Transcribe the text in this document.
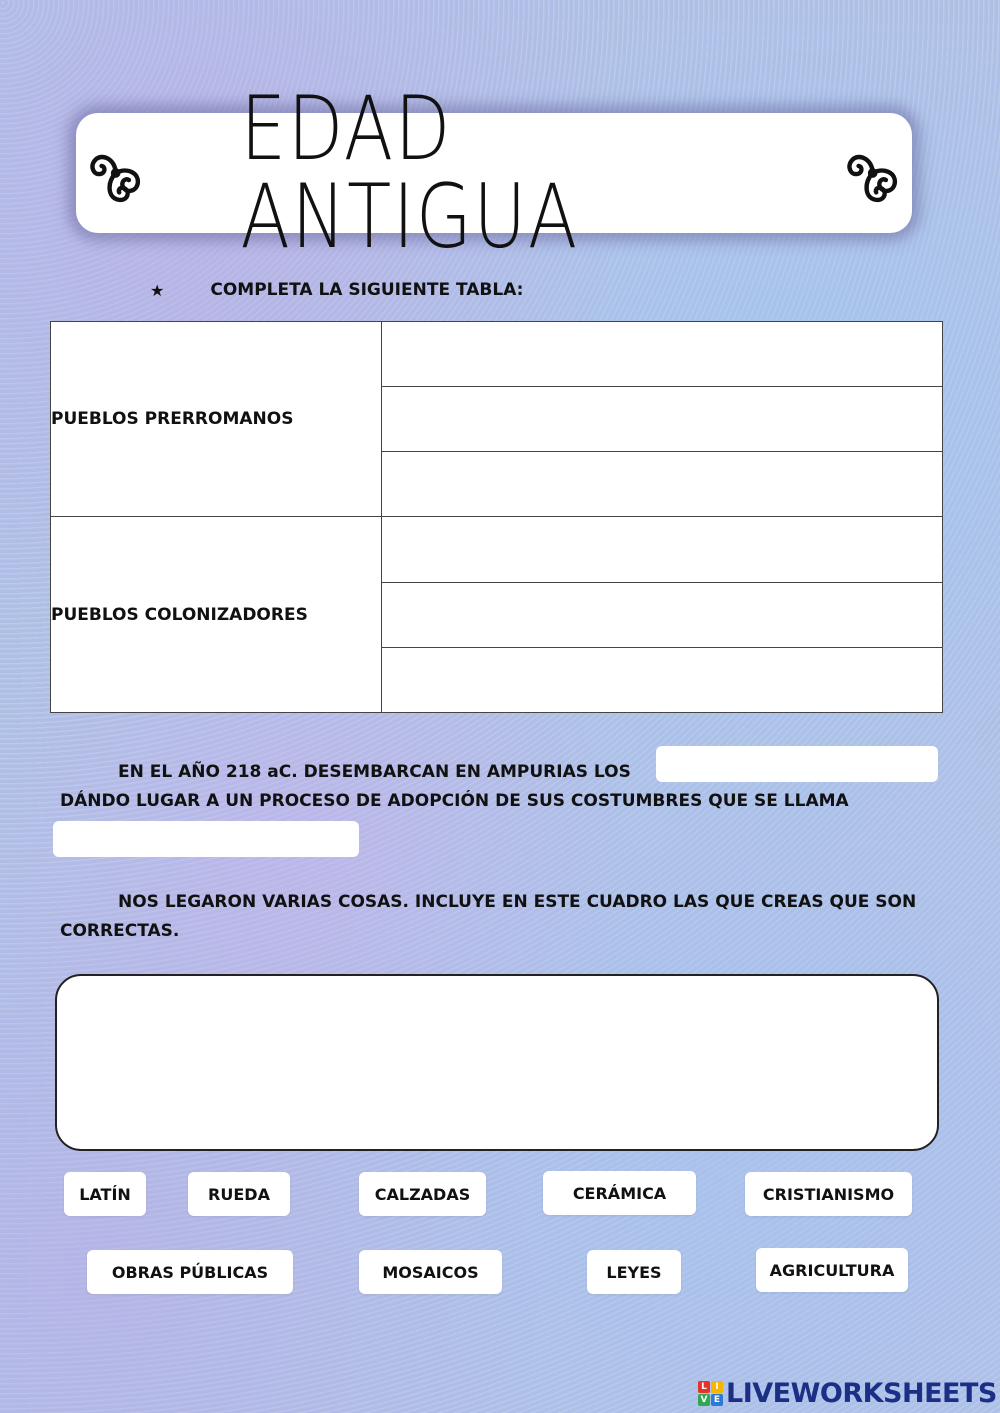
EDAD ANTIGUA
★	COMPLETA LA SIGUIENTE TABLA:
PUEBLOS PRERROMANOS	

PUEBLOS COLONIZADORES	

EN EL AÑO 218 aC. DESEMBARCAN EN AMPURIAS LOS
DÁNDO LUGAR A UN PROCESO DE ADOPCIÓN DE SUS COSTUMBRES QUE SE LLAMA
NOS LEGARON VARIAS COSAS. INCLUYE EN ESTE CUADRO LAS QUE CREAS QUE SON
CORRECTAS.
LATÍN	RUEDA	CALZADAS	CERÁMICA	CRISTIANISMO
OBRAS PÚBLICAS	MOSAICOS	LEYES	AGRICULTURA
L I
V E LIVEWORKSHEETS
